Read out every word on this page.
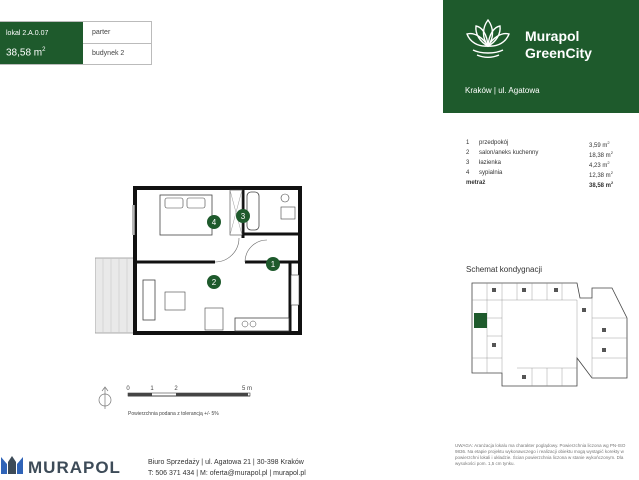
lokal 2.A.0.07
38,58 $m^2$
parter
budynek 2
Murapol
GreenCity
Kraków | ul. Agatowa
1 przedpokój	3,59 $m^2$
2 salon/aneks kuchenny	18,38 $m^2$
3 łazienka	4,23 $m^2$
4 sypialnia	12,38 $m^2$
metraż	38,58 $m^2$
4
3
1
2
0	1	2	5 m
Powierzchnia podana z tolerancją +/- 5%
Schemat kondygnacji
UWAGA: Aranżacja lokalu ma charakter poglądowy. Powierzchnia liczona wg PN-ISO 9836. Na etapie projektu wykonawczego i realizacji obiektu mogą wystąpić korekty w powierzchni lokali i układzie. Ścian powierzchnia liczona w stanie wykończonym. Dla wysokości pom. 1,5 cm tynku.
MURAPOL	Biuro Sprzedaży | ul. Agatowa 21 | 30-398 Kraków
T: 506 371 434 | M: oferta@murapol.pl | murapol.pl
